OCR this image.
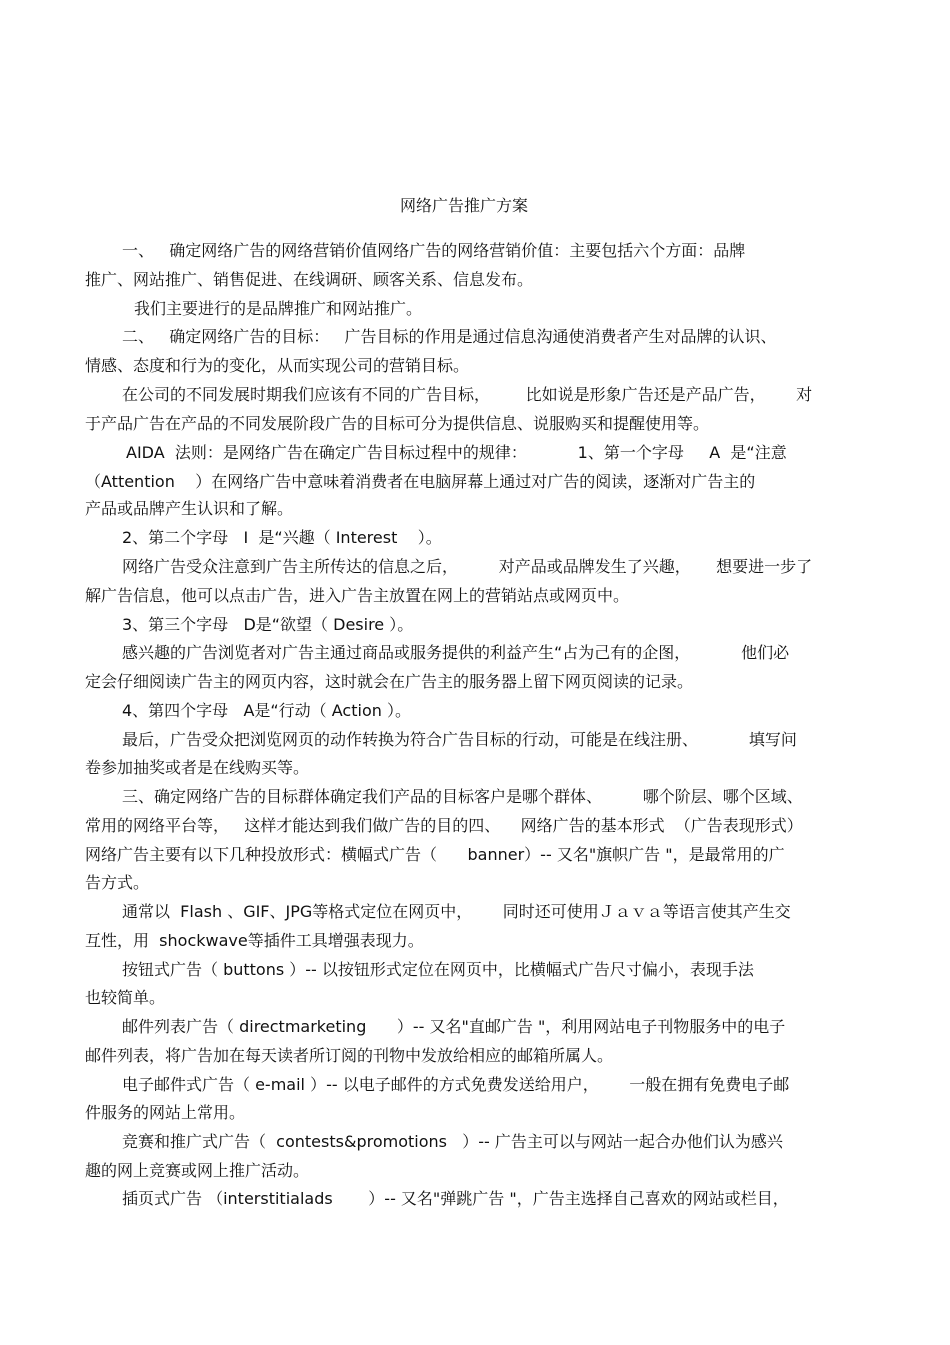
网络广告推广方案
一、   确定网络广告的网络营销价值网络广告的网络营销价值：主要包括六个方面：品牌
推广、网站推广、销售促进、在线调研、顾客关系、信息发布。
我们主要进行的是品牌推广和网站推广。
二、   确定网络广告的目标：   广告目标的作用是通过信息沟通使消费者产生对品牌的认识、
情感、态度和行为的变化，从而实现公司的营销目标。
在公司的不同发展时期我们应该有不同的广告目标，       比如说是形象广告还是产品广告，      对
于产品广告在产品的不同发展阶段广告的目标可分为提供信息、说服购买和提醒使用等。
AIDA  法则：是网络广告在确定广告目标过程中的规律：          1、第一个字母     A  是“注意
（Attention    ）在网络广告中意味着消费者在电脑屏幕上通过对广告的阅读，逐渐对广告主的
产品或品牌产生认识和了解。
2、第二个字母   I  是“兴趣（ Interest    ）。
网络广告受众注意到广告主所传达的信息之后，        对产品或品牌发生了兴趣，     想要进一步了
解广告信息，他可以点击广告，进入广告主放置在网上的营销站点或网页中。
3、第三个字母   D是“欲望（ Desire ）。
感兴趣的广告浏览者对广告主通过商品或服务提供的利益产生“占为己有的企图，          他们必
定会仔细阅读广告主的网页内容，这时就会在广告主的服务器上留下网页阅读的记录。
4、第四个字母   A是“行动（ Action ）。
最后，广告受众把浏览网页的动作转换为符合广告目标的行动，可能是在线注册、          填写问
卷参加抽奖或者是在线购买等。
三、确定网络广告的目标群体确定我们产品的目标客户是哪个群体、        哪个阶层、哪个区域、
常用的网络平台等，   这样才能达到我们做广告的目的四、    网络广告的基本形式  （广告表现形式）
网络广告主要有以下几种投放形式：横幅式广告（      banner）-- 又名"旗帜广告 "，是最常用的广
告方式。
通常以  Flash 、GIF、JPG等格式定位在网页中，      同时还可使用Ｊａｖａ等语言使其产生交
互性，用  shockwave等插件工具增强表现力。
按钮式广告（ buttons ）-- 以按钮形式定位在网页中，比横幅式广告尺寸偏小，表现手法
也较简单。
邮件列表广告（ directmarketing      ）-- 又名"直邮广告 "，利用网站电子刊物服务中的电子
邮件列表，将广告加在每天读者所订阅的刊物中发放给相应的邮箱所属人。
电子邮件式广告（ e-mail ）-- 以电子邮件的方式免费发送给用户，      一般在拥有免费电子邮
件服务的网站上常用。
竞赛和推广式广告（  contests&promotions   ）-- 广告主可以与网站一起合办他们认为感兴
趣的网上竞赛或网上推广活动。
插页式广告 （interstitialads       ）-- 又名"弹跳广告 "，广告主选择自己喜欢的网站或栏目，
